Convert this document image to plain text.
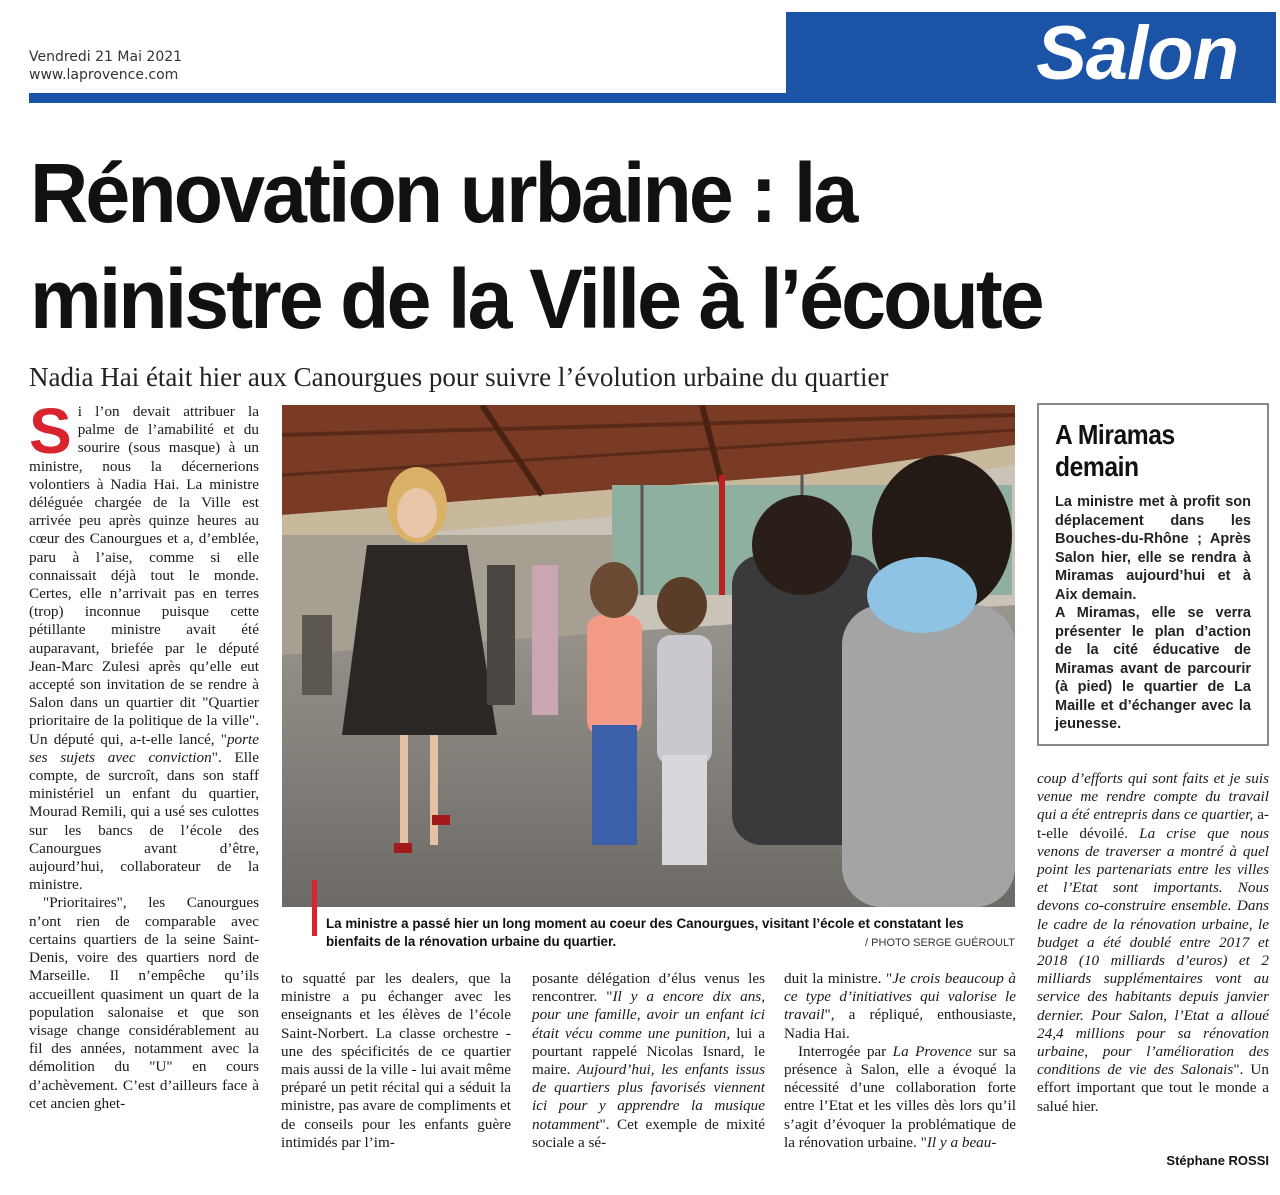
Vendredi 21 Mai 2021
www.laprovence.com	Salon
Rénovation urbaine : la
ministre de la Ville à l’écoute
Nadia Hai était hier aux Canourgues pour suivre l’évolution urbaine du quartier

Si l’on devait attribuer la palme de l’amabilité et du sourire (sous masque) à un ministre, nous la décernerions volontiers à Nadia Hai. La ministre déléguée chargée de la Ville est arrivée peu après quinze heures au cœur des Canourgues et a, d’emblée, paru à l’aise, comme si elle connaissait déjà tout le monde. Certes, elle n’arrivait pas en terres (trop) inconnue puisque cette pétillante ministre avait été auparavant, briefée par le député Jean-Marc Zulesi après qu’elle eut accepté son invitation de se rendre à Salon dans un quartier dit "Quartier prioritaire de la politique de la ville". Un député qui, a-t-elle lancé, "porte ses sujets avec conviction". Elle compte, de surcroît, dans son staff ministériel un enfant du quartier, Mourad Remili, qui a usé ses culottes sur les bancs de l’école des Canourgues avant d’être, aujourd’hui, collaborateur de la ministre.

"Prioritaires", les Canourgues n’ont rien de comparable avec certains quartiers de la seine Saint-Denis, voire des quartiers nord de Marseille. Il n’empêche qu’ils accueillent quasiment un quart de la population salonaise et que son visage change considérablement au fil des années, notamment avec la démolition du "U" en cours d’achèvement. C’est d’ailleurs face à cet ancien ghet-

La ministre a passé hier un long moment au coeur des Canourgues, visitant l’école et constatant les bienfaits de la rénovation urbaine du quartier.	/ PHOTO SERGE GUÉROULT

to squatté par les dealers, que la ministre a pu échanger avec les enseignants et les élèves de l’école Saint-Norbert. La classe orchestre - une des spécificités de ce quartier mais aussi de la ville - lui avait même préparé un petit récital qui a séduit la ministre, pas avare de compliments et de conseils pour les enfants guère intimidés par l’im-

posante délégation d’élus venus les rencontrer. "Il y a encore dix ans, pour une famille, avoir un enfant ici était vécu comme une punition, lui a pourtant rappelé Nicolas Isnard, le maire. Aujourd’hui, les enfants issus de quartiers plus favorisés viennent ici pour y apprendre la musique notamment". Cet exemple de mixité sociale a sé-

duit la ministre. "Je crois beaucoup à ce type d’initiatives qui valorise le travail", a répliqué, enthousiaste, Nadia Hai.

Interrogée par La Provence sur sa présence à Salon, elle a évoqué la nécessité d’une collaboration forte entre l’Etat et les villes dès lors qu’il s’agit d’évoquer la problématique de la rénovation urbaine. "Il y a beau-

A Miramas demain

La ministre met à profit son déplacement dans les Bouches-du-Rhône ; Après Salon hier, elle se rendra à Miramas aujourd’hui et à Aix demain.

A Miramas, elle se verra présenter le plan d’action de la cité éducative de Miramas avant de parcourir (à pied) le quartier de La Maille et d’échanger avec la jeunesse.

coup d’efforts qui sont faits et je suis venue me rendre compte du travail qui a été entrepris dans ce quartier, a-t-elle dévoilé. La crise que nous venons de traverser a montré à quel point les partenariats entre les villes et l’Etat sont importants. Nous devons co-construire ensemble. Dans le cadre de la rénovation urbaine, le budget a été doublé entre 2017 et 2018 (10 milliards d’euros) et 2 milliards supplémentaires vont au service des habitants depuis janvier dernier. Pour Salon, l’Etat a alloué 24,4 millions pour sa rénovation urbaine, pour l’amélioration des conditions de vie des Salonais". Un effort important que tout le monde a salué hier.

Stéphane ROSSI
